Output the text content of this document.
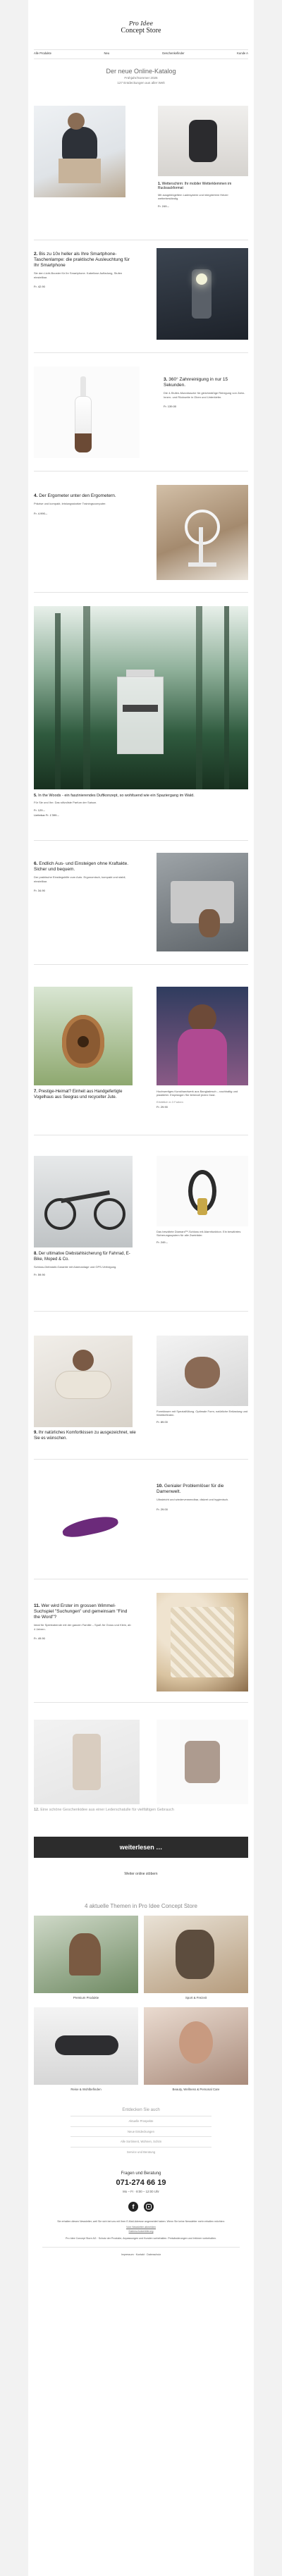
Pro Idee
Concept Store
Alle Produkte	Neu	Geschenkefinder	Kunde A
Der neue Online-Katalog
Frühjahr/Sommer 2026
127 Entdeckungen aus aller Welt
1. Wetterschirm: Ihr mobiler Wetterklemmen im Rucksackformat
Mit ausgeklügeltem Ladesystem und integriertem Heizer wetterbeständig.
Fr. 249.–
2. Bis zu 10x heller als Ihre Smartphone-Taschenlampe: die praktische Ausleuchtung für Ihr Smartphone
Sie den Licht-Booster für Ihr Smartphone. Kabellose Aufladung, Stufen einstellbar.
Fr. 42.90
3. 360° Zahnreinigung in nur 15 Sekunden.
Die 4-Stufen-Munddusche für gleichmäßige Reinigung von Zahn-Innen- und Rückseite in Oben und Unterkiefer.
Fr. 139.00
4. Der Ergometer unter den Ergometern.
Präzise und kompakt, leistungsstarker Trainingscomputer.
Fr. 4.990.–
5. In the Woods - ein faszinierendes Duftkonzept, so wohltuend wie ein Spaziergang im Wald.
Für Sie und Ihn: Das stilvollste Parfum der Saison.
Fr. 129.–
Lieferbar Fr. 1'399.–
6. Endlich Aus- und Einsteigen ohne Kraftakte. Sicher und bequem.
Der praktische Einstiegshilfe zum Auto. Ergonomisch, kompakt und stabil, einstellbar.
Fr. 34.90
7. Prestige-Heimat? Einheit aus Handgefertigte Vogelhaus aus Seegras und recycelter Jute.
Hochwertiges Kunsthandwerk aus Bangladesch – nachhaltig und plastikfrei. Empfangen Sie liebevoll jeden Gast.
Erhältlich in 3 Farben
Fr. 29.90
Das bewährte Diamant™-Schloss mit Alarmfunktion. Ein bewährtes Sicherungssystem für alle Zweiräder.
Fr. 249.–
8. Der ultimative Diebstahlsicherung für Fahrrad, E-Bike, Moped & Co.
Schloss-Diebstahl-Garantie mit Alarmanlage und GPS-Verfolgung.
Fr. 59.90
Formkissen mit Spezialfüllung. Optimale Form, natürliche Entlastung und Wohlbefinden.
Fr. 89.00
9. Ihr natürliches Komfortkissen zu ausgezeichnet, wie Sie es wünschen.
10. Genialer Problemlöser für die Damenwelt.
Ultraleicht und wiederverwendbar, diskret und hygienisch.
Fr. 29.00
11. Wer wird Erster im grossen Wimmel-Suchspiel "Suchungen" und gemeinsam "Find the Word"?
Ideal für Spieleabende mit der ganzen Familie – Spaß für Gross und Klein, ab 4 Jahren.
Fr. 49.90
12. Eine schöne Geschenkidee aus einer Lederschatulle für vielfältigen Gebrauch
weiterlesen …
Weiter online stöbern
4 aktuelle Themen in Pro Idee Concept Store
Premium Produkte	Sport & Freizeit
Reise & Wohlbefinden	Beauty, Wellness & Personal Care
Entdecken Sie auch
Aktuelle Prospekte
Neue Entdeckungen
Alle Sortiment, Wohnen, Schön
Service und Beratung
Fragen und Beratung
071-274 66 19
Mo – Fr · 8:00 – 12:00 Uhr
f
Sie erhalten diesen Newsletter, weil Sie sich bei uns mit Ihrer E-Mail-Adresse angemeldet haben. Wenn Sie keine Newsletter mehr erhalten möchten:
Vom Newsletter abmelden
Datenschutzerklärung
Pro Idee Concept Store AG · Schutz der Produkte, Anpassungen und Kunden vorbehalten. Preisänderungen und Irrtümer vorbehalten.
Impressum · Kontakt · Datenschutz
